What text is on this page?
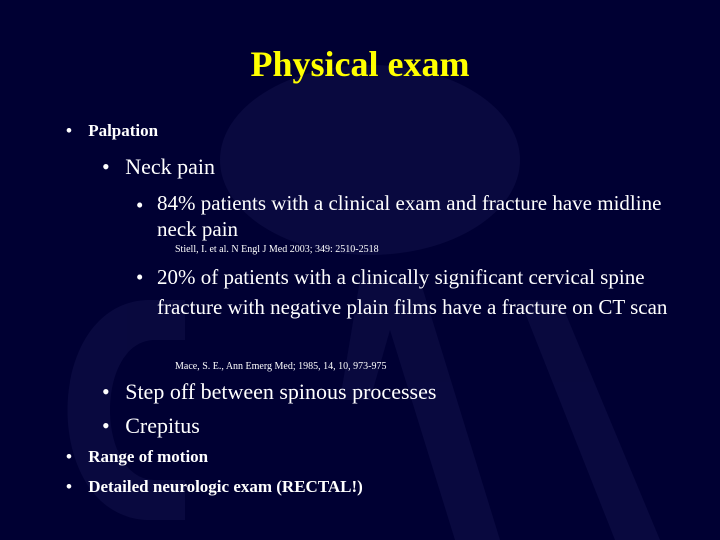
Physical exam
• Palpation
• Neck pain
• 84% patients with a clinical exam and fracture have midline neck pain
Stiell, I. et al. N Engl J Med 2003; 349: 2510-2518
• 20% of patients with a clinically significant cervical spine fracture with negative plain films have a fracture on CT scan
Mace, S. E., Ann Emerg Med; 1985, 14, 10, 973-975
• Step off between spinous processes
• Crepitus
• Range of motion
• Detailed neurologic exam (RECTAL!)
